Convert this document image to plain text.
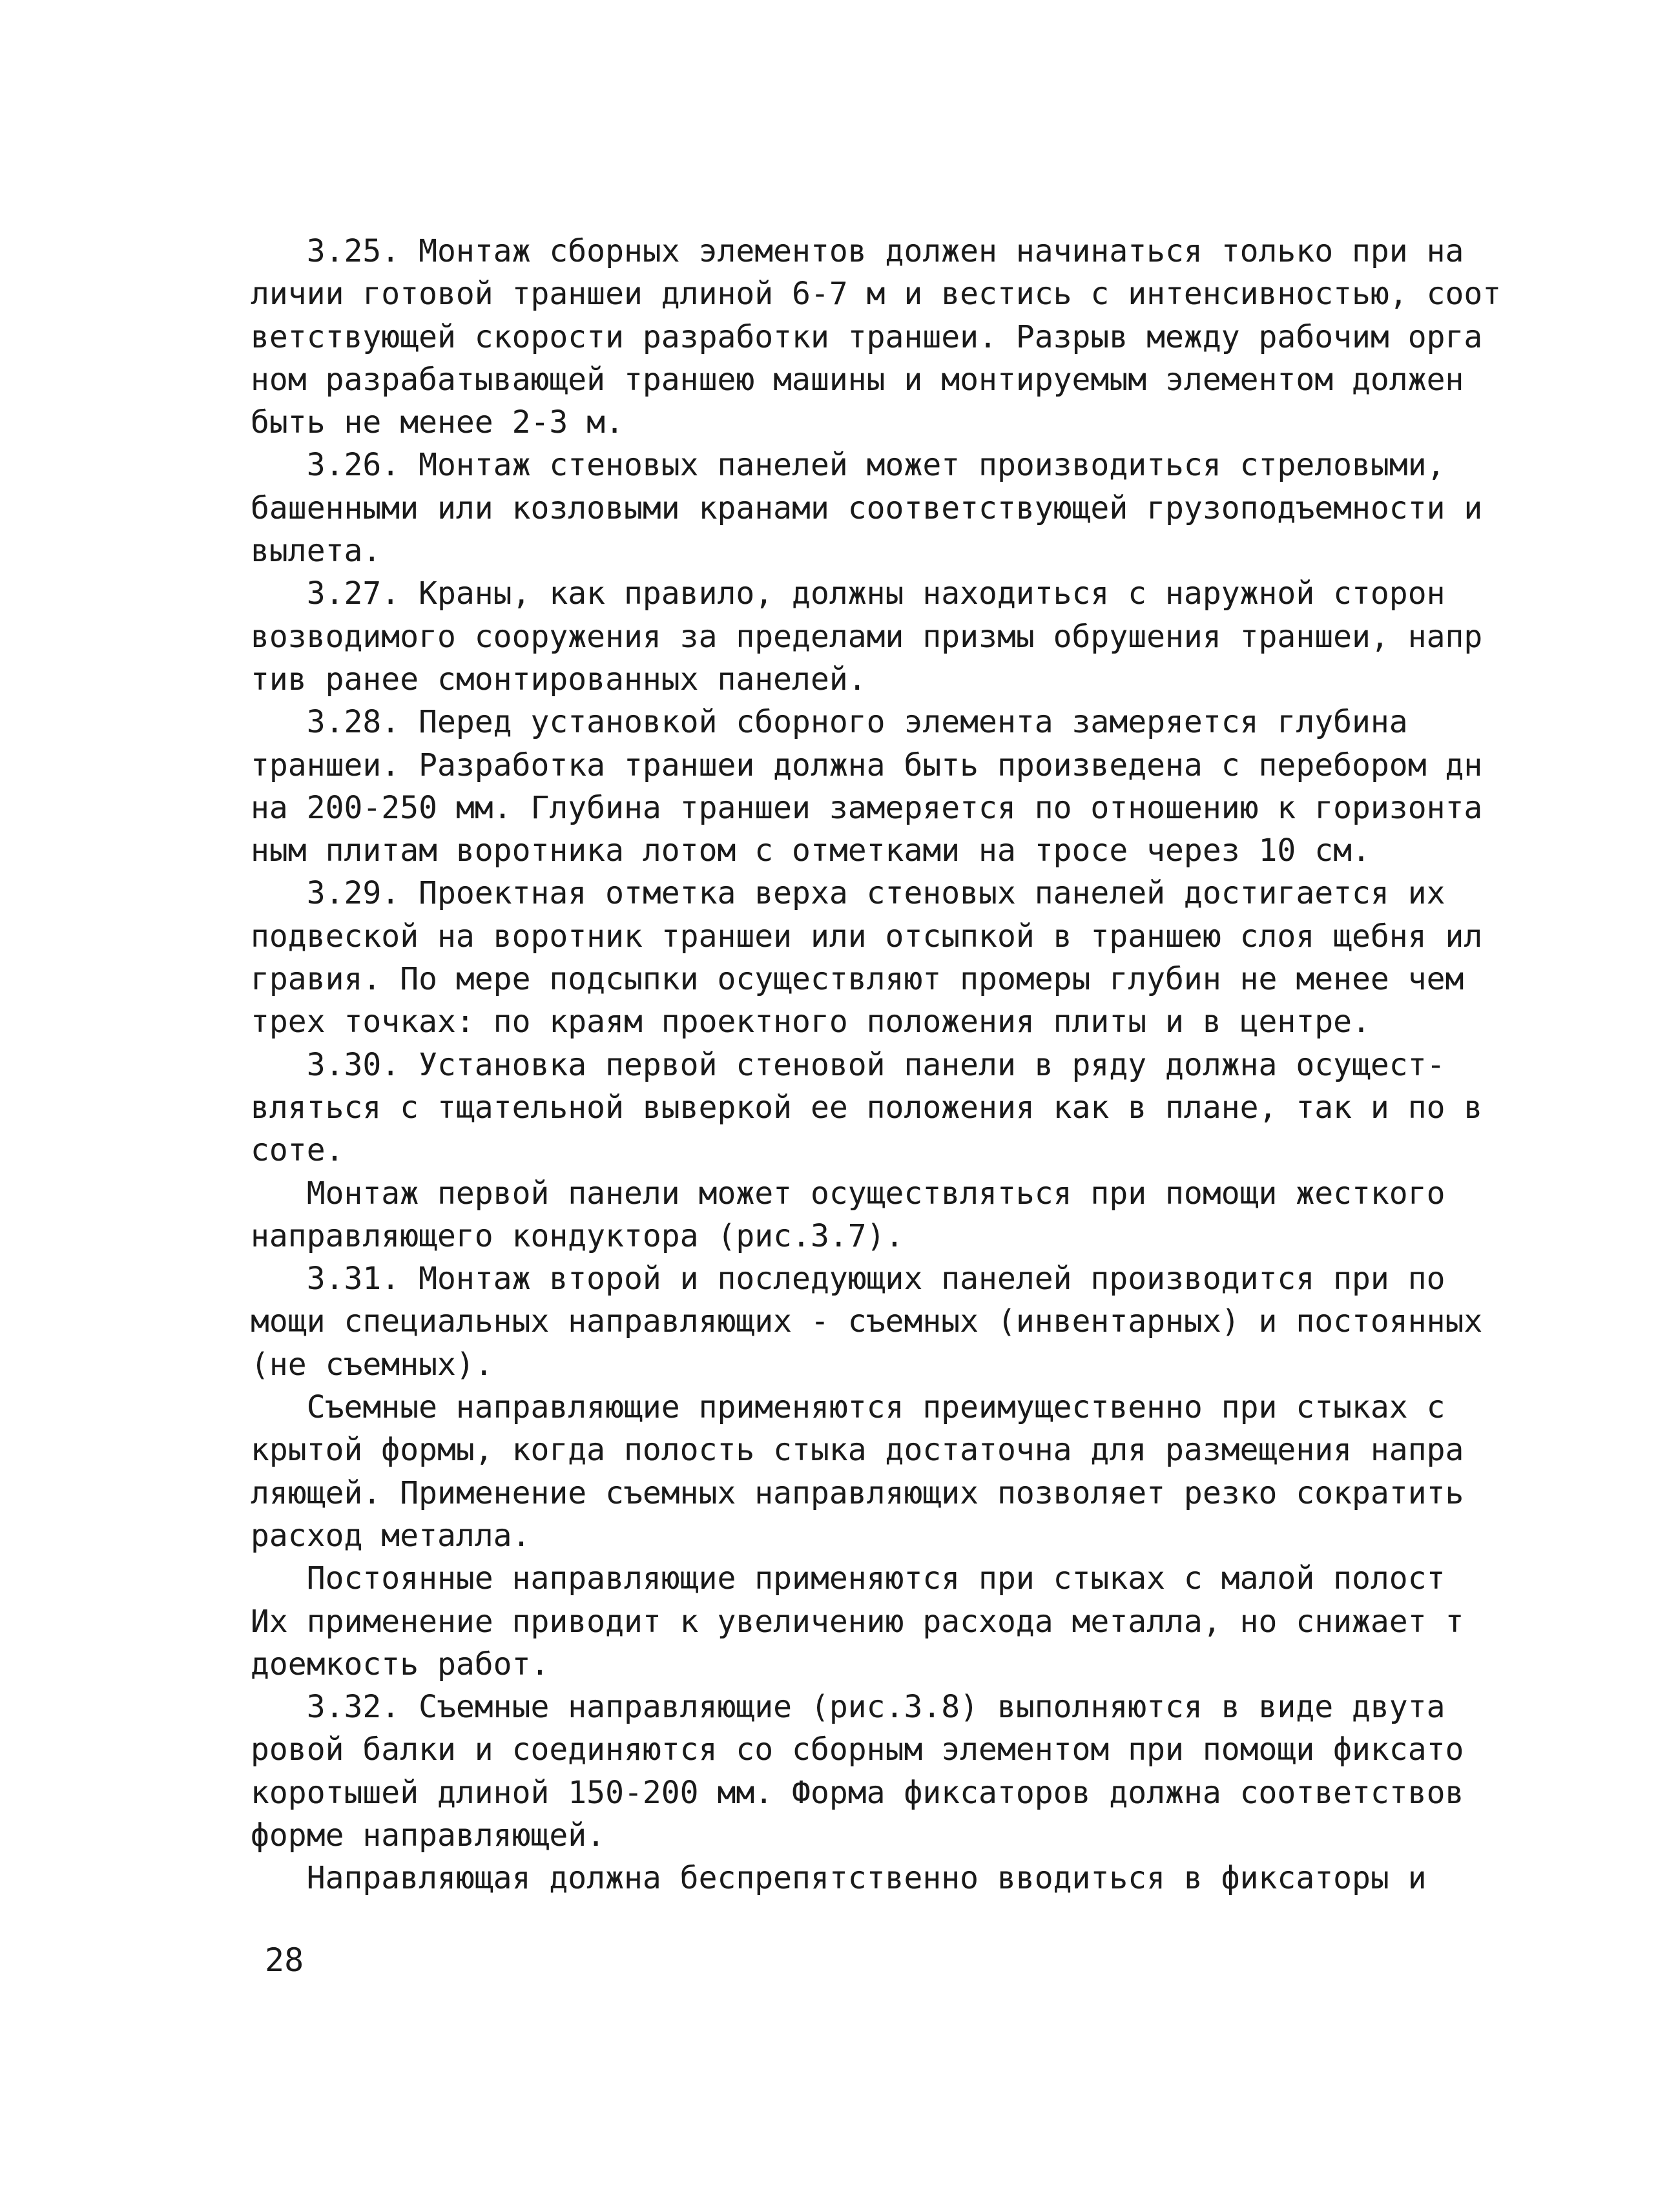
3.25. Монтаж сборных элементов должен начинаться только при на
личии готовой траншеи длиной 6-7 м и вестись с интенсивностью, соот
ветствующей скорости разработки траншеи. Разрыв между рабочим орга
ном разрабатывающей траншею машины и монтируемым элементом должен
быть не менее 2-3 м.
3.26. Монтаж стеновых панелей может производиться стреловыми,
башенными или козловыми кранами соответствующей грузоподъемности и
вылета.
3.27. Краны, как правило, должны находиться с наружной сторон
возводимого сооружения за пределами призмы обрушения траншеи, напр
тив ранее смонтированных панелей.
3.28. Перед установкой сборного элемента замеряется глубина
траншеи. Разработка траншеи должна быть произведена с перебором дн
на 200-250 мм. Глубина траншеи замеряется по отношению к горизонта
ным плитам воротника лотом с отметками на тросе через 10 см.
3.29. Проектная отметка верха стеновых панелей достигается их
подвеской на воротник траншеи или отсыпкой в траншею слоя щебня ил
гравия. По мере подсыпки осуществляют промеры глубин не менее чем
трех точках: по краям проектного положения плиты и в центре.
3.30. Установка первой стеновой панели в ряду должна осущест-
вляться с тщательной выверкой ее положения как в плане, так и по в
соте.
Монтаж первой панели может осуществляться при помощи жесткого
направляющего кондуктора (рис.3.7).
3.31. Монтаж второй и последующих панелей производится при по
мощи специальных направляющих - съемных (инвентарных) и постоянных
(не съемных).
Съемные направляющие применяются преимущественно при стыках с
крытой формы, когда полость стыка достаточна для размещения напра
ляющей. Применение съемных направляющих позволяет резко сократить
расход металла.
Постоянные направляющие применяются при стыках с малой полост
Их применение приводит к увеличению расхода металла, но снижает т
доемкость работ.
3.32. Съемные направляющие (рис.3.8) выполняются в виде двута
ровой балки и соединяются со сборным элементом при помощи фиксато
коротышей длиной 150-200 мм. Форма фиксаторов должна соответствов
форме направляющей.
Направляющая должна беспрепятственно вводиться в фиксаторы и
28
